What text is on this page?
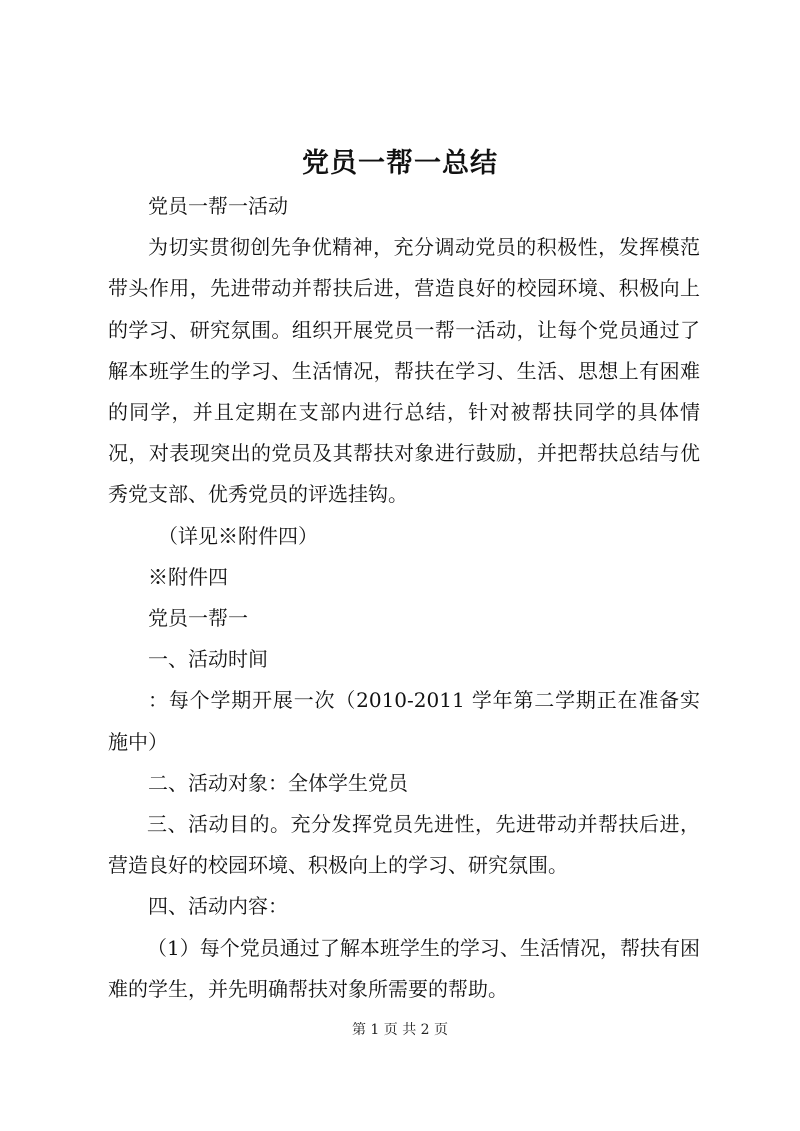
党员一帮一总结

党员一帮一活动

为切实贯彻创先争优精神，充分调动党员的积极性，发挥模范带头作用，先进带动并帮扶后进，营造良好的校园环境、积极向上的学习、研究氛围。组织开展党员一帮一活动，让每个党员通过了解本班学生的学习、生活情况，帮扶在学习、生活、思想上有困难的同学，并且定期在支部内进行总结，针对被帮扶同学的具体情况，对表现突出的党员及其帮扶对象进行鼓励，并把帮扶总结与优秀党支部、优秀党员的评选挂钩。

（详见※附件四）

※附件四

党员一帮一

一、活动时间

：每个学期开展一次（2010-2011 学年第二学期正在准备实施中）

二、活动对象：全体学生党员

三、活动目的。充分发挥党员先进性，先进带动并帮扶后进，营造良好的校园环境、积极向上的学习、研究氛围。

四、活动内容：

（1）每个党员通过了解本班学生的学习、生活情况，帮扶有困难的学生，并先明确帮扶对象所需要的帮助。

第 1 页 共 2 页
